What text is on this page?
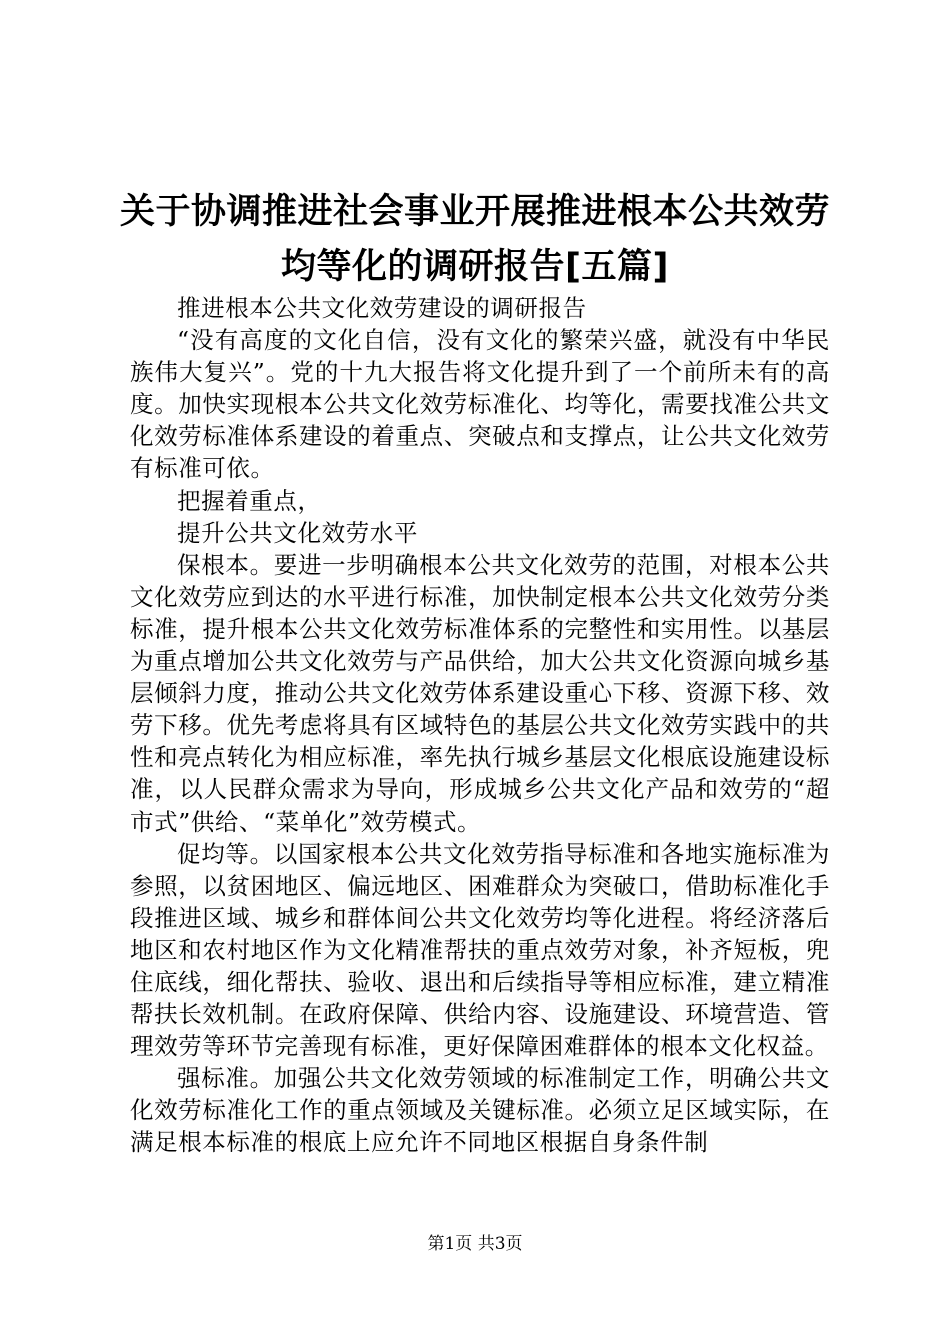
关于协调推进社会事业开展推进根本公共效劳
均等化的调研报告[五篇]

推进根本公共文化效劳建设的调研报告

“没有高度的文化自信，没有文化的繁荣兴盛，就没有中华民族伟大复兴”。党的十九大报告将文化提升到了一个前所未有的高度。加快实现根本公共文化效劳标准化、均等化，需要找准公共文化效劳标准体系建设的着重点、突破点和支撑点，让公共文化效劳有标准可依。

把握着重点，

提升公共文化效劳水平

保根本。要进一步明确根本公共文化效劳的范围，对根本公共文化效劳应到达的水平进行标准，加快制定根本公共文化效劳分类标准，提升根本公共文化效劳标准体系的完整性和实用性。以基层为重点增加公共文化效劳与产品供给，加大公共文化资源向城乡基层倾斜力度，推动公共文化效劳体系建设重心下移、资源下移、效劳下移。优先考虑将具有区域特色的基层公共文化效劳实践中的共性和亮点转化为相应标准，率先执行城乡基层文化根底设施建设标准，以人民群众需求为导向，形成城乡公共文化产品和效劳的“超市式”供给、“菜单化”效劳模式。

促均等。以国家根本公共文化效劳指导标准和各地实施标准为参照，以贫困地区、偏远地区、困难群众为突破口，借助标准化手段推进区域、城乡和群体间公共文化效劳均等化进程。将经济落后地区和农村地区作为文化精准帮扶的重点效劳对象，补齐短板，兜住底线，细化帮扶、验收、退出和后续指导等相应标准，建立精准帮扶长效机制。在政府保障、供给内容、设施建设、环境营造、管理效劳等环节完善现有标准，更好保障困难群体的根本文化权益。

强标准。加强公共文化效劳领域的标准制定工作，明确公共文化效劳标准化工作的重点领域及关键标准。必须立足区域实际，在满足根本标准的根底上应允许不同地区根据自身条件制

第1页 共3页
